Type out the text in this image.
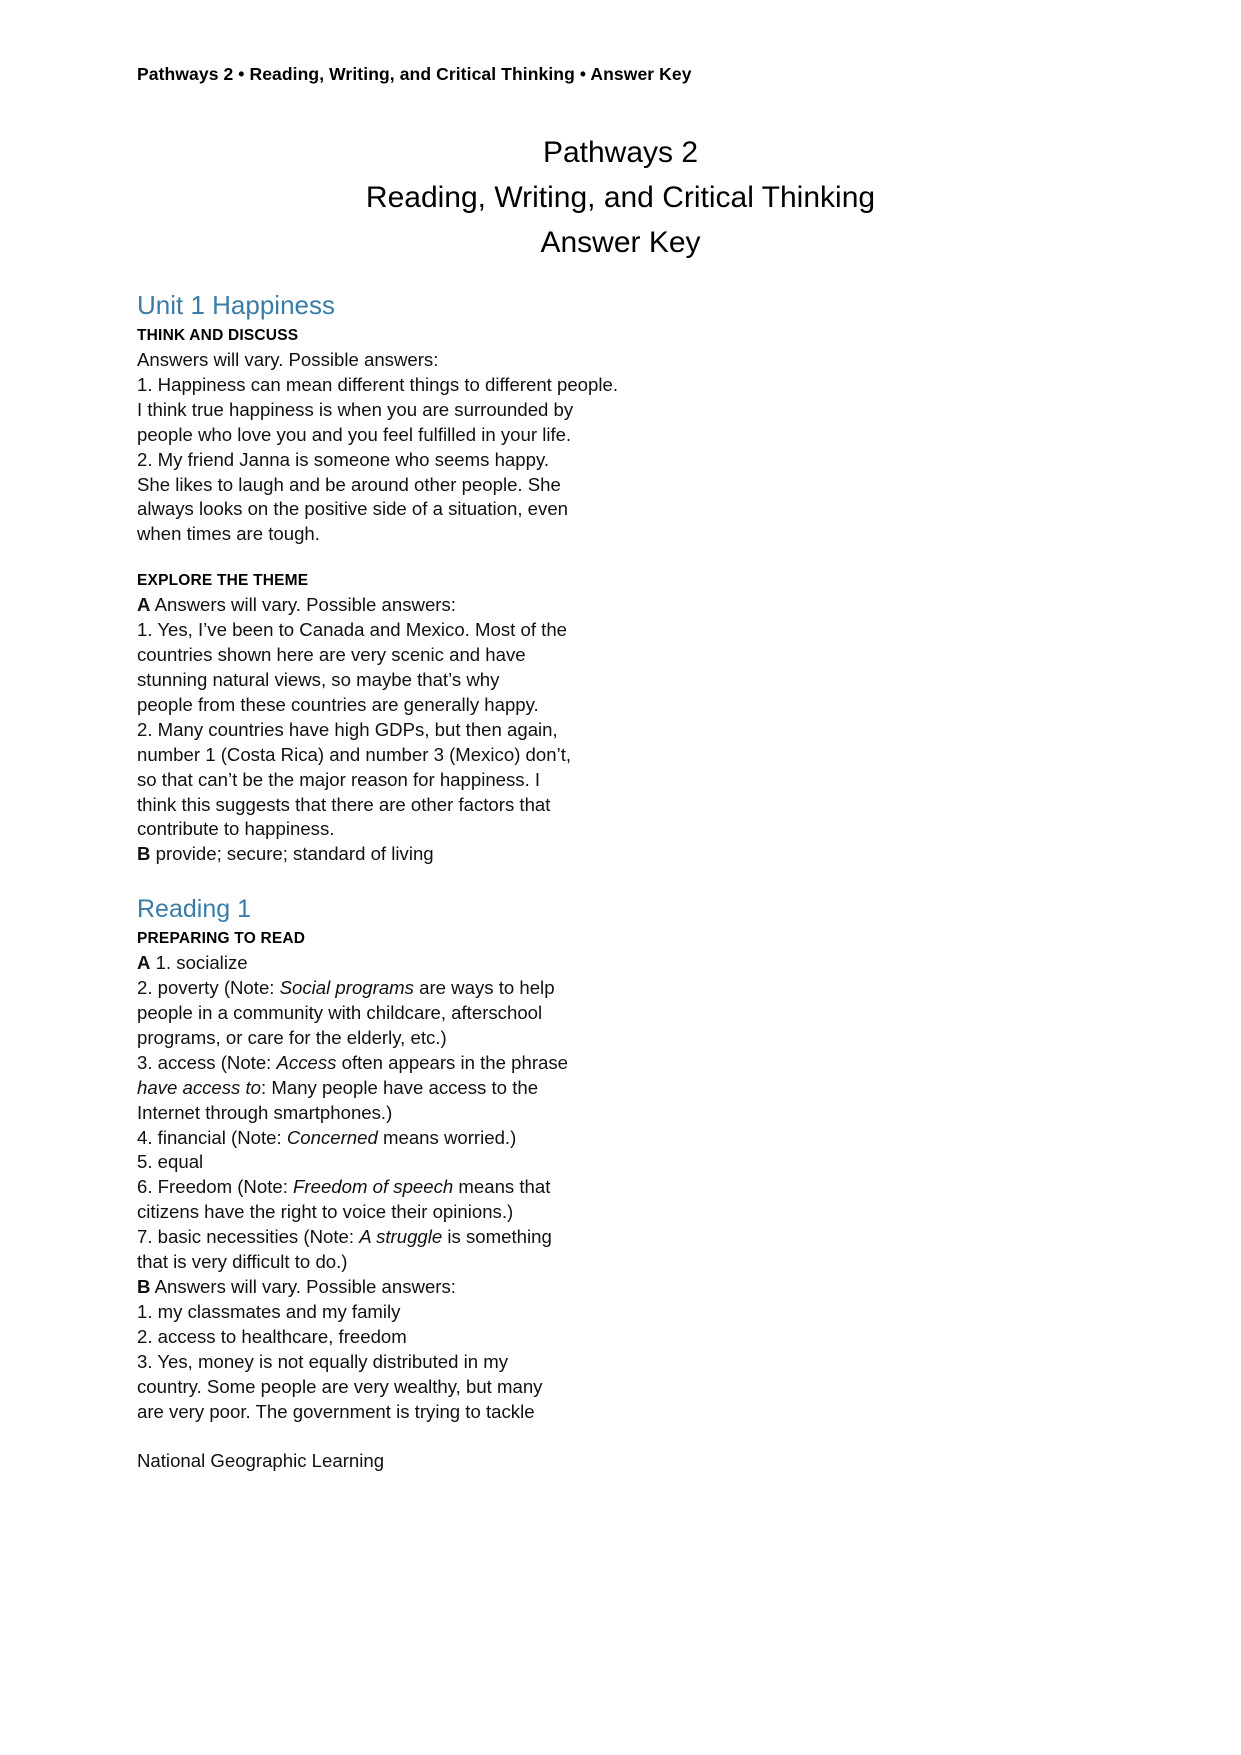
Pathways 2 • Reading, Writing, and Critical Thinking • Answer Key
Pathways 2
Reading, Writing, and Critical Thinking
Answer Key
Unit 1 Happiness
THINK AND DISCUSS

Answers will vary. Possible answers:

1. Happiness can mean different things to different people.

I think true happiness is when you are surrounded by

people who love you and you feel fulfilled in your life.

2. My friend Janna is someone who seems happy.

She likes to laugh and be around other people. She

always looks on the positive side of a situation, even

when times are tough.

EXPLORE THE THEME

A Answers will vary. Possible answers:

1. Yes, I’ve been to Canada and Mexico. Most of the

countries shown here are very scenic and have

stunning natural views, so maybe that’s why

people from these countries are generally happy.

2. Many countries have high GDPs, but then again,

number 1 (Costa Rica) and number 3 (Mexico) don’t,

so that can’t be the major reason for happiness. I

think this suggests that there are other factors that

contribute to happiness.

B provide; secure; standard of living

Reading 1
PREPARING TO READ

A 1. socialize

2. poverty (Note: Social programs are ways to help

people in a community with childcare, afterschool

programs, or care for the elderly, etc.)

3. access (Note: Access often appears in the phrase

have access to: Many people have access to the

Internet through smartphones.)

4. financial (Note: Concerned means worried.)

5. equal

6. Freedom (Note: Freedom of speech means that

citizens have the right to voice their opinions.)

7. basic necessities (Note: A struggle is something

that is very difficult to do.)

B Answers will vary. Possible answers:

1. my classmates and my family

2. access to healthcare, freedom

3. Yes, money is not equally distributed in my

country. Some people are very wealthy, but many

are very poor. The government is trying to tackle

National Geographic Learning
